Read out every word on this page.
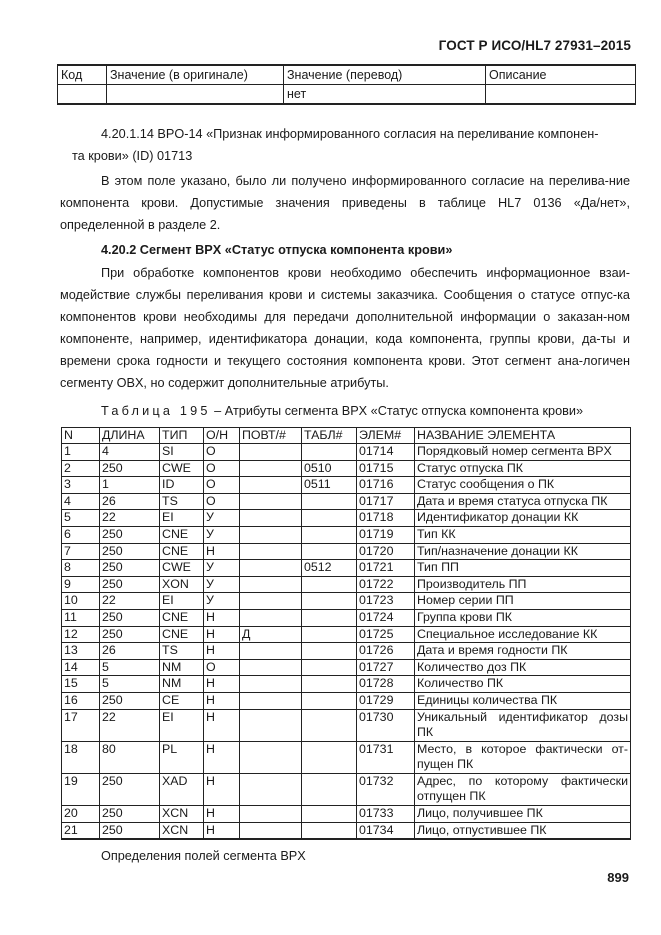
ГОСТ Р ИСО/HL7 27931–2015
Код	Значение (в оригинале)	Значение (перевод)	Описание
		нет	
4.20.1.14 BPO-14 «Признак информированного согласия на переливание компонен-
та крови» (ID) 01713
В этом поле указано, было ли получено информированного согласие на перелива-ние компонента крови. Допустимые значения приведены в таблице HL7 0136 «Да/нет», определенной в разделе 2.
4.20.2 Сегмент BPX «Статус отпуска компонента крови»
При обработке компонентов крови необходимо обеспечить информационное взаи-модействие службы переливания крови и системы заказчика. Сообщения о статусе отпус-ка компонентов крови необходимы для передачи дополнительной информации о заказан-ном компоненте, например, идентификатора донации, кода компонента, группы крови, да-ты и времени срока годности и текущего состояния компонента крови. Этот сегмент ана-логичен сегменту OBX, но содержит дополнительные атрибуты.
Таблица 195 – Атрибуты сегмента BPX «Статус отпуска компонента крови»
N	ДЛИНА	ТИП	О/Н	ПОВТ/#	ТАБЛ#	ЭЛЕМ#	НАЗВАНИЕ ЭЛЕМЕНТА
1	4	SI	О			01714	Порядковый номер сегмента BPX
2	250	CWE	О		0510	01715	Статус отпуска ПК
3	1	ID	О		0511	01716	Статус сообщения о ПК
4	26	TS	О			01717	Дата и время статуса отпуска ПК
5	22	EI	У			01718	Идентификатор донации КК
6	250	CNE	У			01719	Тип КК
7	250	CNE	Н			01720	Тип/назначение донации КК
8	250	CWE	У		0512	01721	Тип ПП
9	250	XON	У			01722	Производитель ПП
10	22	EI	У			01723	Номер серии ПП
11	250	CNE	Н			01724	Группа крови ПК
12	250	CNE	Н	Д		01725	Специальное исследование КК
13	26	TS	Н			01726	Дата и время годности ПК
14	5	NM	О			01727	Количество доз ПК
15	5	NM	Н			01728	Количество ПК
16	250	CE	Н			01729	Единицы количества ПК
17	22	EI	Н			01730	Уникальный идентификатор дозы ПК
18	80	PL	Н			01731	Место, в которое фактически от-пущен ПК
19	250	XAD	Н			01732	Адрес, по которому фактически отпущен ПК
20	250	XCN	Н			01733	Лицо, получившее ПК
21	250	XCN	Н			01734	Лицо, отпустившее ПК
Определения полей сегмента BPX
899
